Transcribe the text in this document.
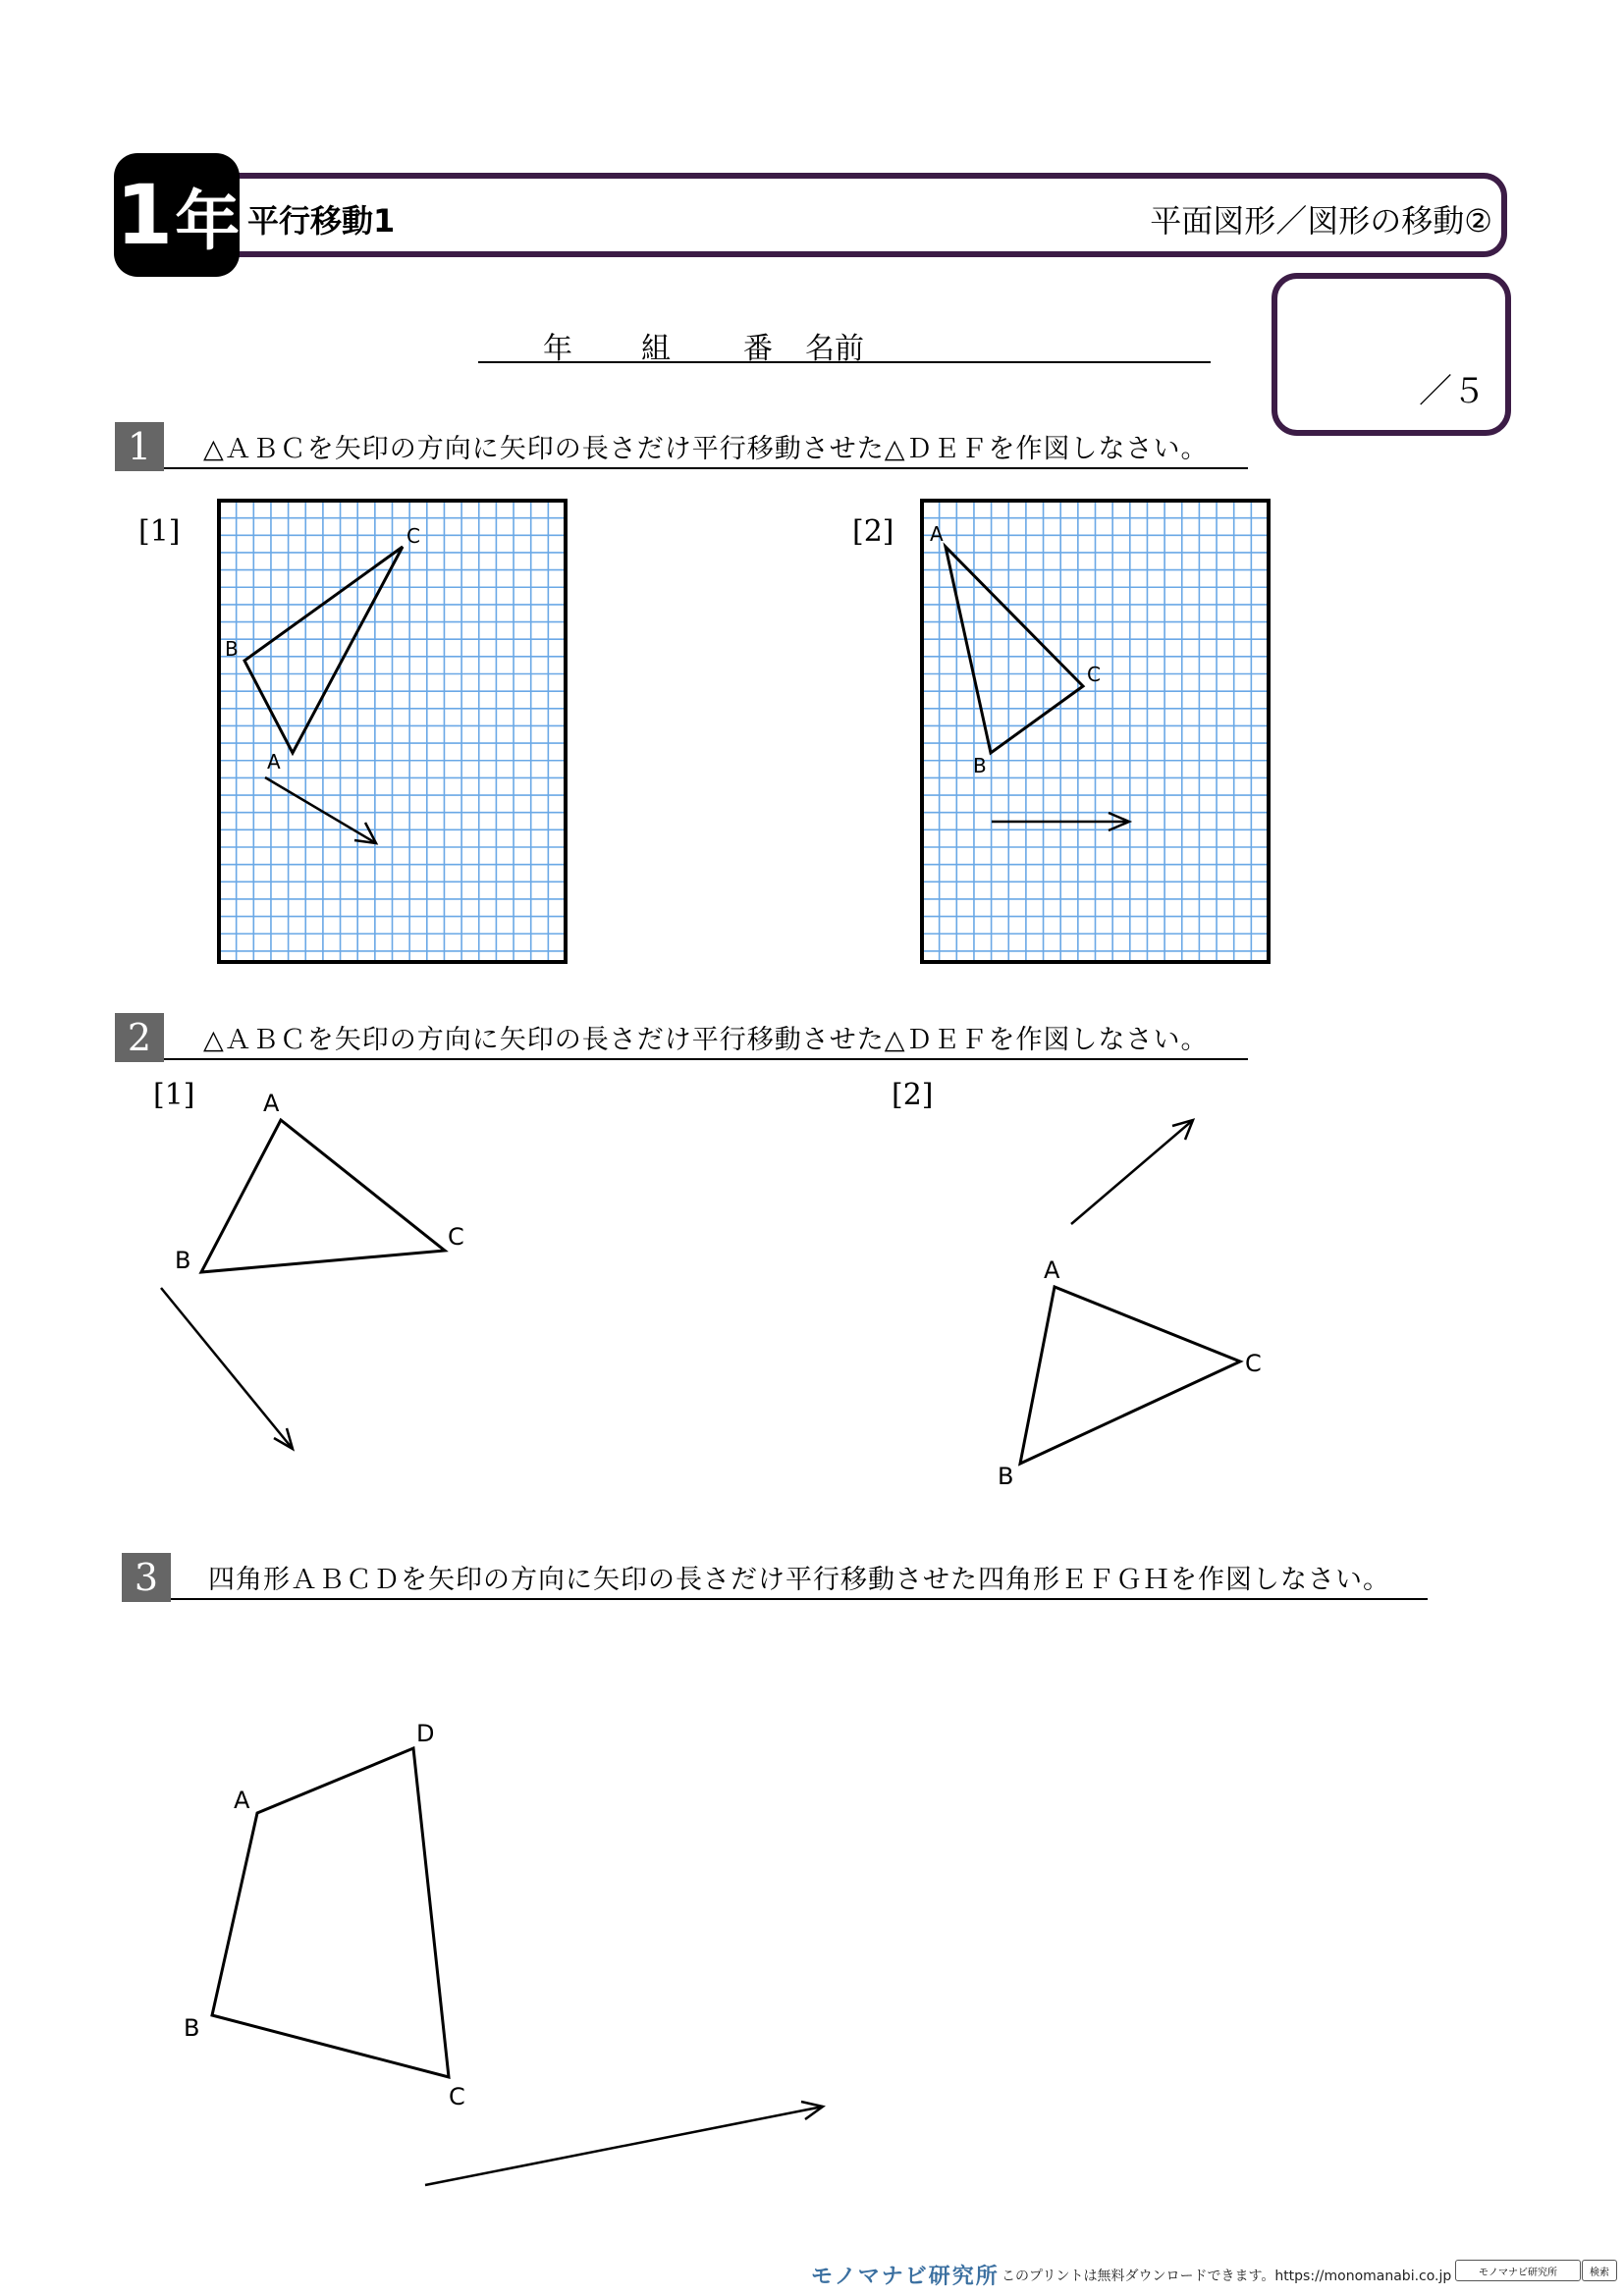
1 年 平行移動1	平面図形／図形の移動②
年 組 番 名前
／５
1	△ＡＢＣを矢印の方向に矢印の長さだけ平行移動させた△ＤＥＦを作図しなさい。
[1]	[2]
A
B
C	A
B
C
2	△ＡＢＣを矢印の方向に矢印の長さだけ平行移動させた△ＤＥＦを作図しなさい。
[1]	[2]
A
B
C
A
B
C
A
B
C
D
3	四角形ＡＢＣＤを矢印の方向に矢印の長さだけ平行移動させた四角形ＥＦＧＨを作図しなさい。
モノマナビ研究所 このプリントは無料ダウンロードできます。https://monomanabi.co.jp	モノマナビ研究所	検索
